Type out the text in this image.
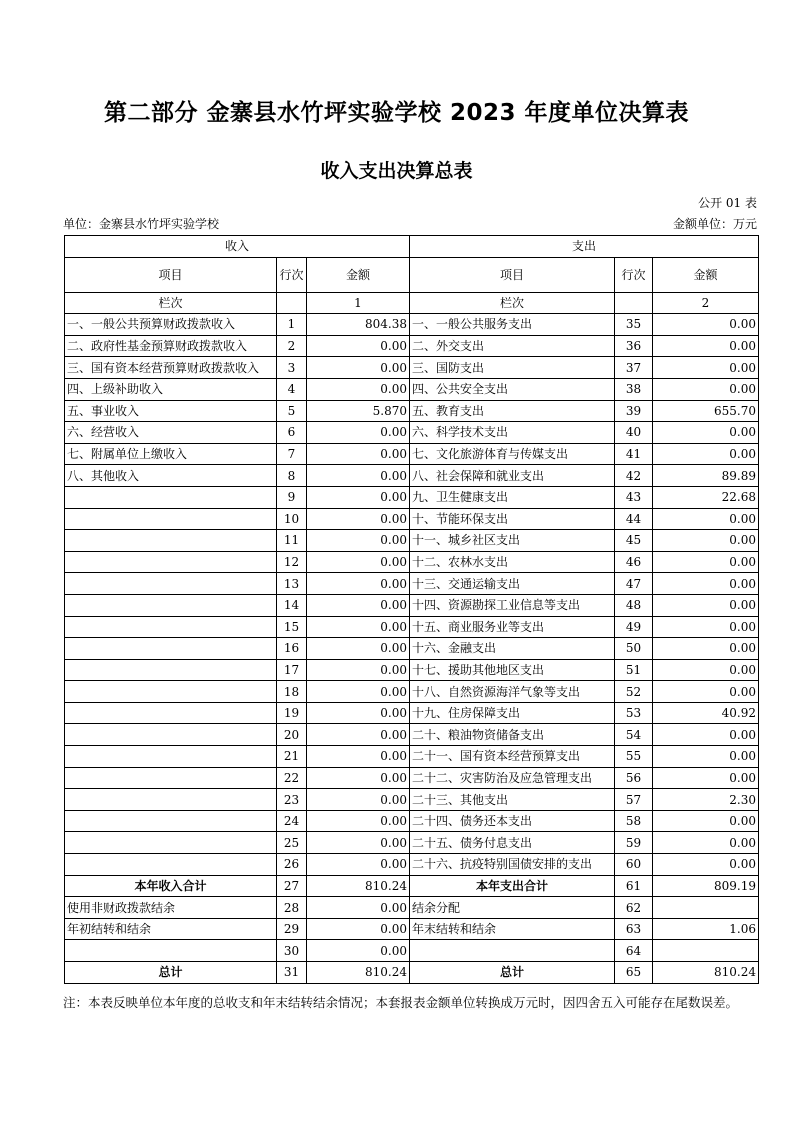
第二部分 金寨县水竹坪实验学校 2023 年度单位决算表
收入支出决算总表
公开 01 表
单位：金寨县水竹坪实验学校	金额单位：万元
收入			支出		
项目	行次	金额	项目	行次	金额
栏次		1	栏次		2
一、一般公共预算财政拨款收入	1	804.38	一、一般公共服务支出	35	0.00
二、政府性基金预算财政拨款收入	2	0.00	二、外交支出	36	0.00
三、国有资本经营预算财政拨款收入	3	0.00	三、国防支出	37	0.00
四、上级补助收入	4	0.00	四、公共安全支出	38	0.00
五、事业收入	5	5.870	五、教育支出	39	655.70
六、经营收入	6	0.00	六、科学技术支出	40	0.00
七、附属单位上缴收入	7	0.00	七、文化旅游体育与传媒支出	41	0.00
八、其他收入	8	0.00	八、社会保障和就业支出	42	89.89
	9	0.00	九、卫生健康支出	43	22.68
	10	0.00	十、节能环保支出	44	0.00
	11	0.00	十一、城乡社区支出	45	0.00
	12	0.00	十二、农林水支出	46	0.00
	13	0.00	十三、交通运输支出	47	0.00
	14	0.00	十四、资源勘探工业信息等支出	48	0.00
	15	0.00	十五、商业服务业等支出	49	0.00
	16	0.00	十六、金融支出	50	0.00
	17	0.00	十七、援助其他地区支出	51	0.00
	18	0.00	十八、自然资源海洋气象等支出	52	0.00
	19	0.00	十九、住房保障支出	53	40.92
	20	0.00	二十、粮油物资储备支出	54	0.00
	21	0.00	二十一、国有资本经营预算支出	55	0.00
	22	0.00	二十二、灾害防治及应急管理支出	56	0.00
	23	0.00	二十三、其他支出	57	2.30
	24	0.00	二十四、债务还本支出	58	0.00
	25	0.00	二十五、债务付息支出	59	0.00
	26	0.00	二十六、抗疫特别国债安排的支出	60	0.00
本年收入合计	27	810.24	本年支出合计	61	809.19
使用非财政拨款结余	28	0.00	结余分配	62	
年初结转和结余	29	0.00	年末结转和结余	63	1.06
	30	0.00		64	
总计	31	810.24	总计	65	810.24
注：本表反映单位本年度的总收支和年末结转结余情况；本套报表金额单位转换成万元时，因四舍五入可能存在尾数误差。
